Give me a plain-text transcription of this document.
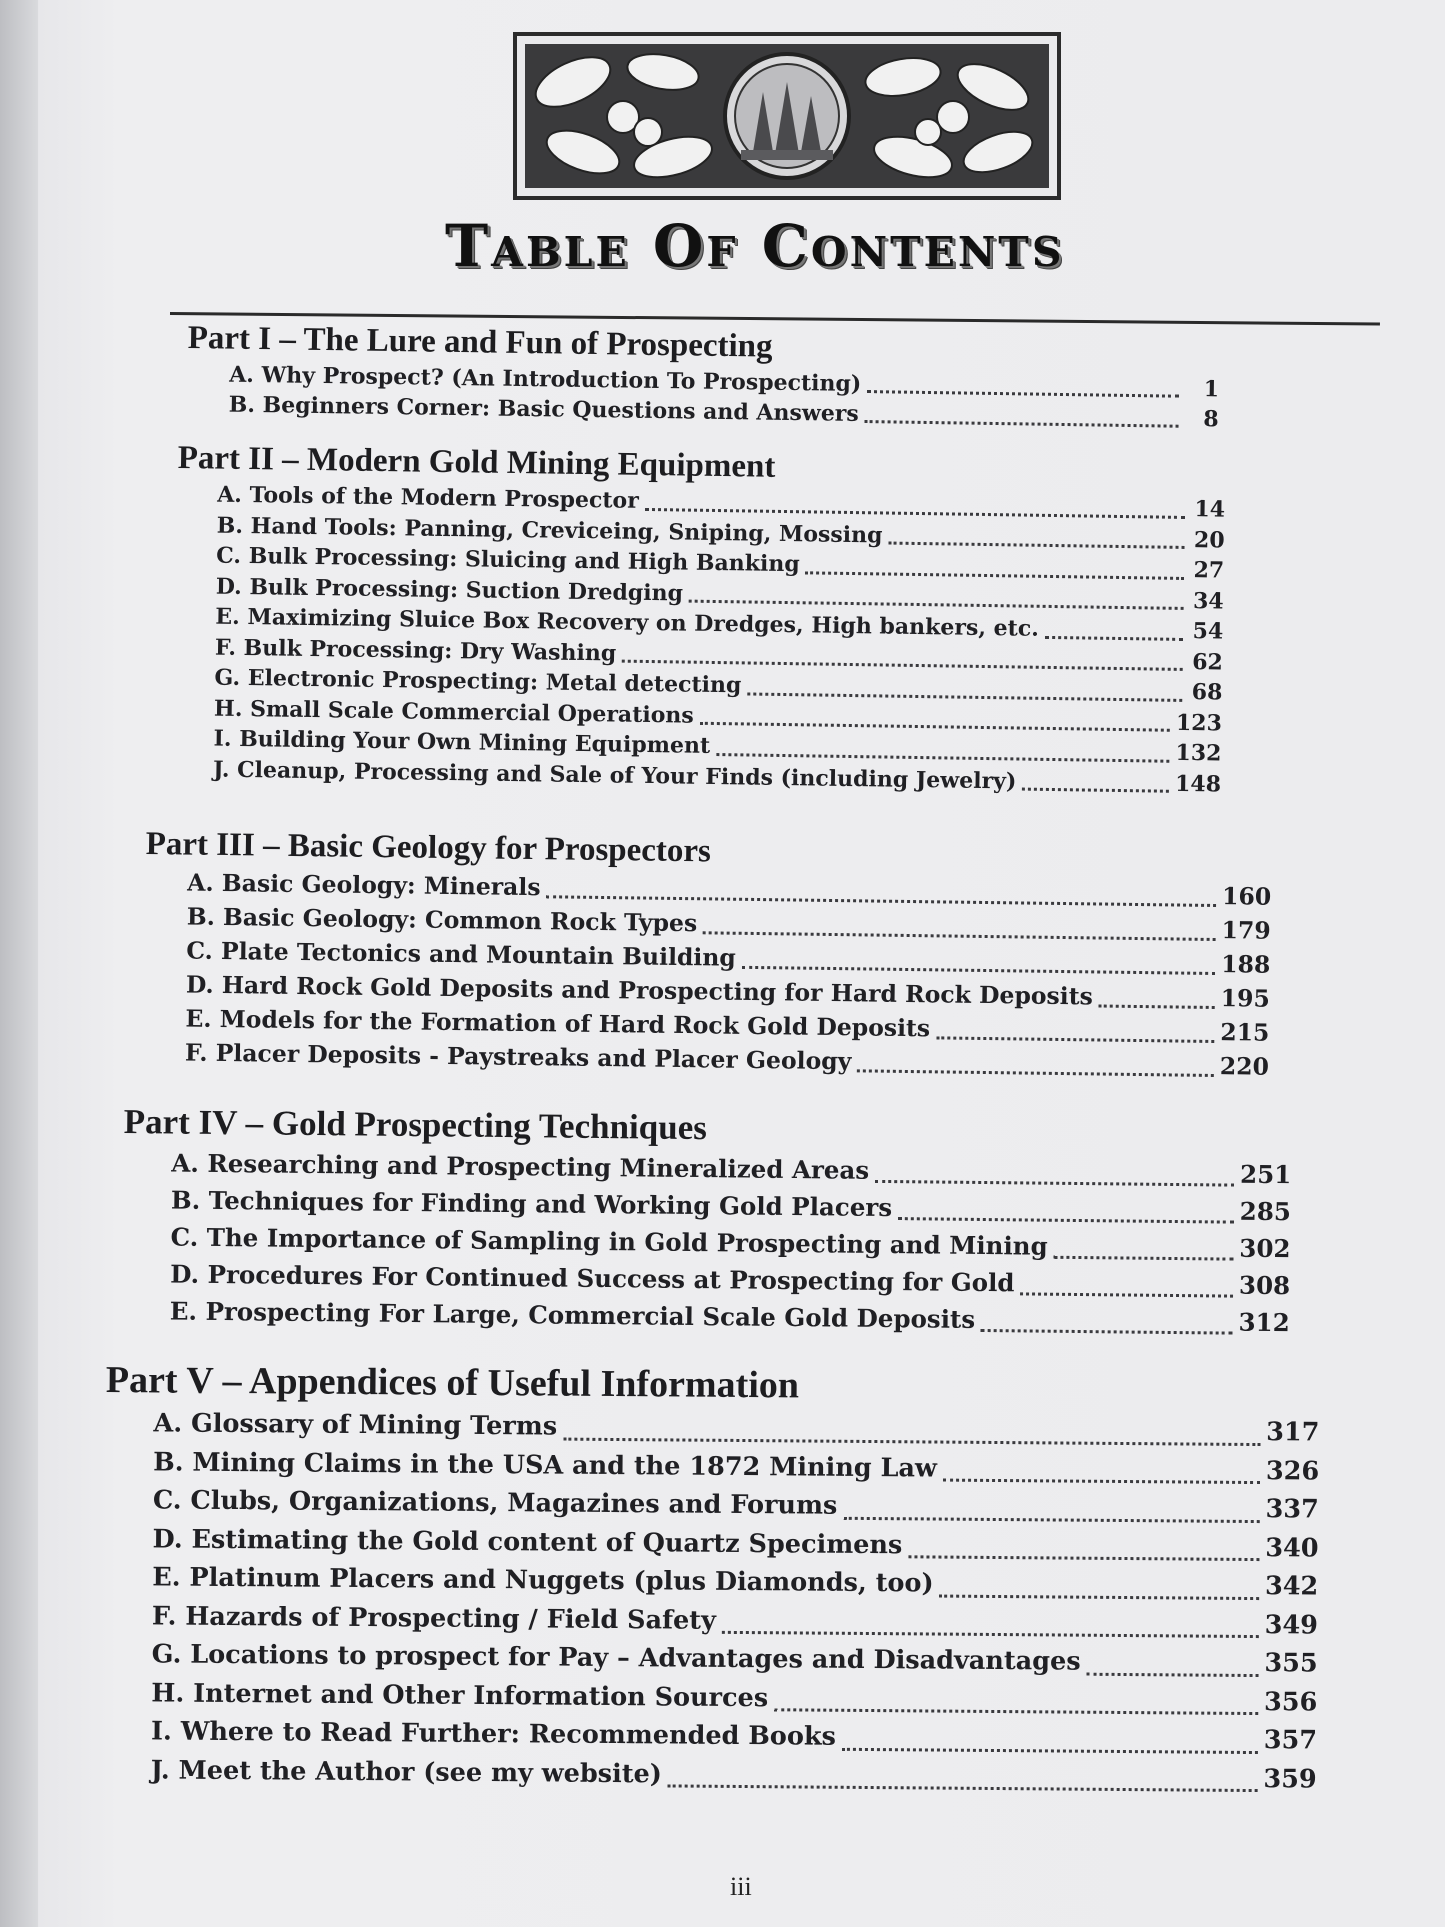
Table Of Contents
Part I – The Lure and Fun of Prospecting
A. Why Prospect? (An Introduction To Prospecting)	1
B. Beginners Corner: Basic Questions and Answers	8
Part II – Modern Gold Mining Equipment
A. Tools of the Modern Prospector	14
B. Hand Tools: Panning, Creviceing, Sniping, Mossing	20
C. Bulk Processing: Sluicing and High Banking	27
D. Bulk Processing: Suction Dredging	34
E. Maximizing Sluice Box Recovery on Dredges, High bankers, etc.	54
F. Bulk Processing: Dry Washing	62
G. Electronic Prospecting: Metal detecting	68
H. Small Scale Commercial Operations	123
I. Building Your Own Mining Equipment	132
J. Cleanup, Processing and Sale of Your Finds (including Jewelry)	148
Part III – Basic Geology for Prospectors
A. Basic Geology: Minerals	160
B. Basic Geology: Common Rock Types	179
C. Plate Tectonics and Mountain Building	188
D. Hard Rock Gold Deposits and Prospecting for Hard Rock Deposits	195
E. Models for the Formation of Hard Rock Gold Deposits	215
F. Placer Deposits - Paystreaks and Placer Geology	220
Part IV – Gold Prospecting Techniques
A. Researching and Prospecting Mineralized Areas	251
B. Techniques for Finding and Working Gold Placers	285
C. The Importance of Sampling in Gold Prospecting and Mining	302
D. Procedures For Continued Success at Prospecting for Gold	308
E. Prospecting For Large, Commercial Scale Gold Deposits	312
Part V – Appendices of Useful Information
A. Glossary of Mining Terms	317
B. Mining Claims in the USA and the 1872 Mining Law	326
C. Clubs, Organizations, Magazines and Forums	337
D. Estimating the Gold content of Quartz Specimens	340
E. Platinum Placers and Nuggets (plus Diamonds, too)	342
F. Hazards of Prospecting / Field Safety	349
G. Locations to prospect for Pay – Advantages and Disadvantages	355
H. Internet and Other Information Sources	356
I. Where to Read Further: Recommended Books	357
J. Meet the Author (see my website)	359
iii
